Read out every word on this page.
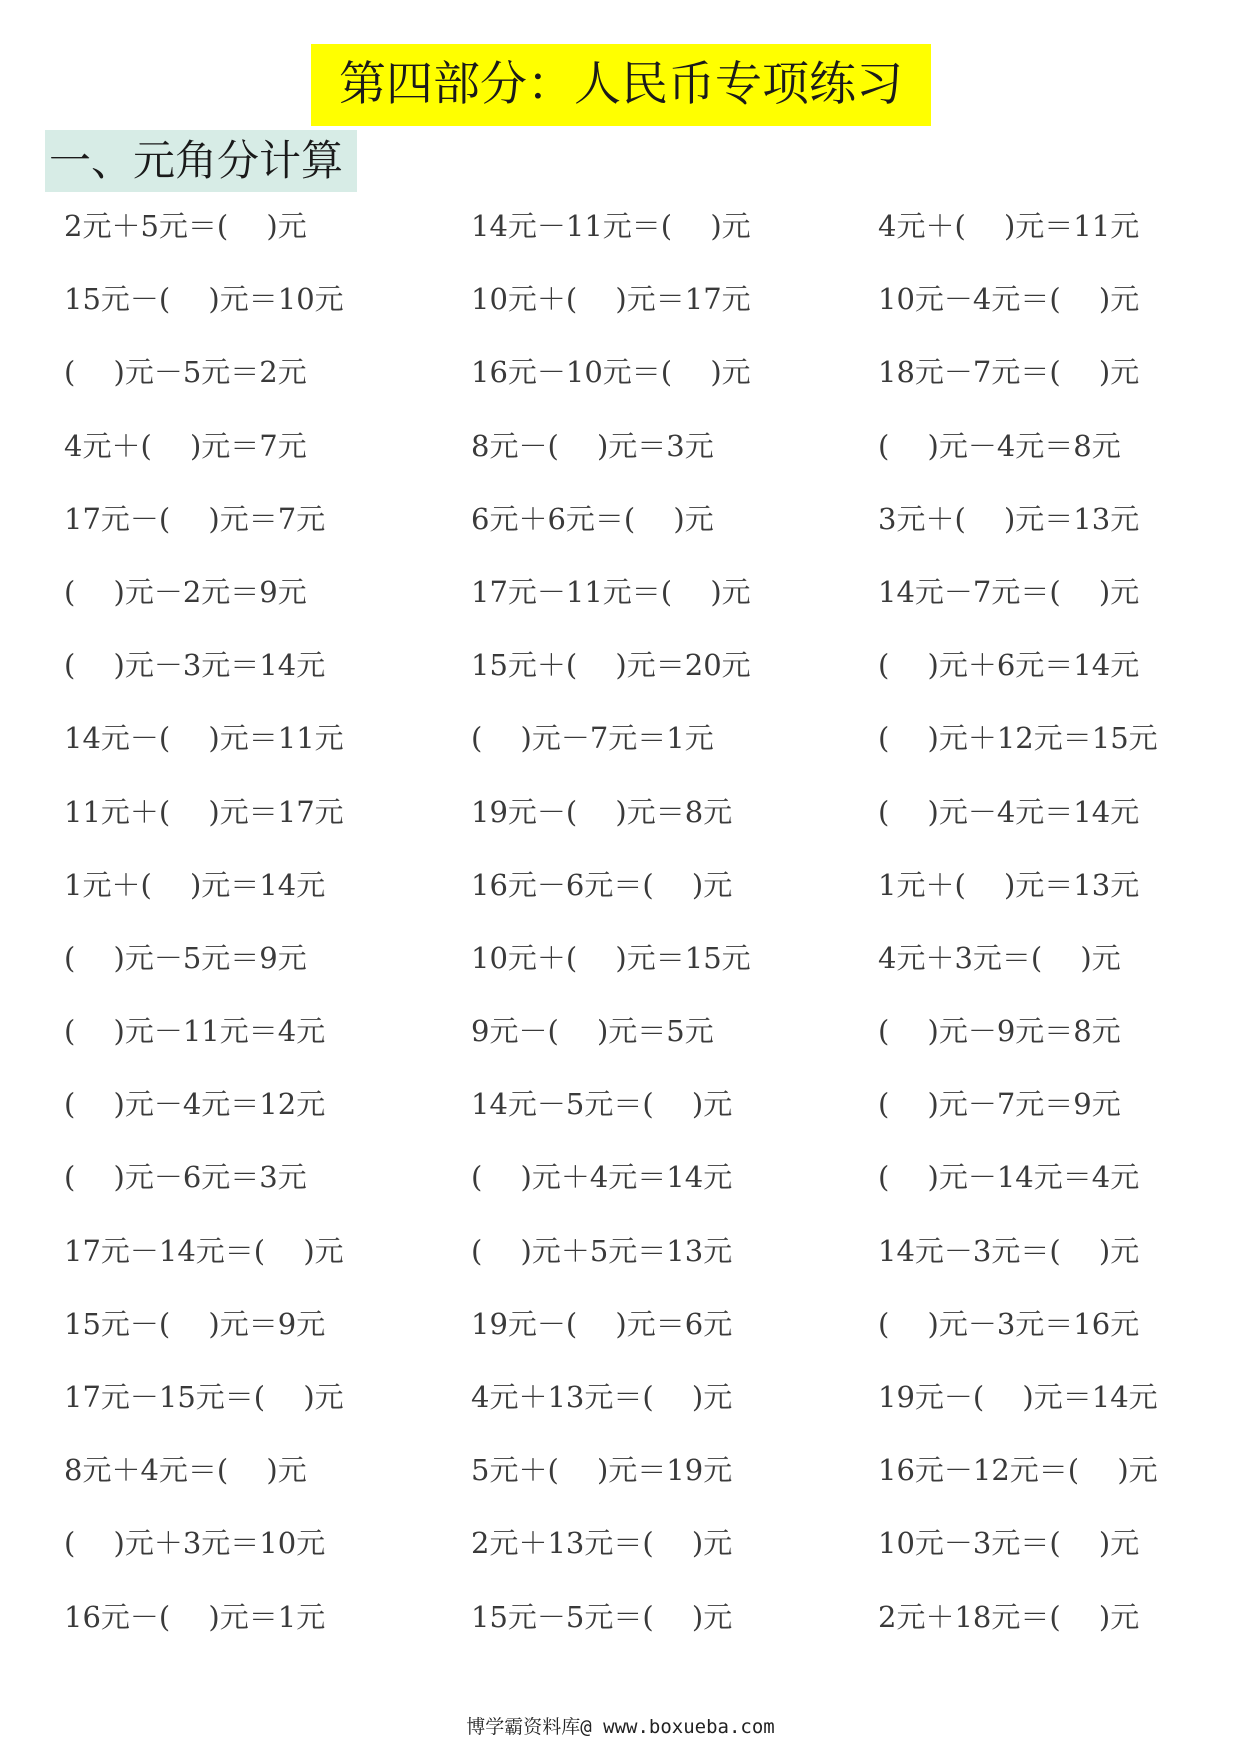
第四部分：人民币专项练习
一、元角分计算
2元＋5元＝(　 )元	14元－11元＝(　 )元	4元＋(　 )元＝11元
15元－(　 )元＝10元	10元＋(　 )元＝17元	10元－4元＝(　 )元
(　 )元－5元＝2元	16元－10元＝(　 )元	18元－7元＝(　 )元
4元＋(　 )元＝7元	8元－(　 )元＝3元	(　 )元－4元＝8元
17元－(　 )元＝7元	6元＋6元＝(　 )元	3元＋(　 )元＝13元
(　 )元－2元＝9元	17元－11元＝(　 )元	14元－7元＝(　 )元
(　 )元－3元＝14元	15元＋(　 )元＝20元	(　 )元＋6元＝14元
14元－(　 )元＝11元	(　 )元－7元＝1元	(　 )元＋12元＝15元
11元＋(　 )元＝17元	19元－(　 )元＝8元	(　 )元－4元＝14元
1元＋(　 )元＝14元	16元－6元＝(　 )元	1元＋(　 )元＝13元
(　 )元－5元＝9元	10元＋(　 )元＝15元	4元＋3元＝(　 )元
(　 )元－11元＝4元	9元－(　 )元＝5元	(　 )元－9元＝8元
(　 )元－4元＝12元	14元－5元＝(　 )元	(　 )元－7元＝9元
(　 )元－6元＝3元	(　 )元＋4元＝14元	(　 )元－14元＝4元
17元－14元＝(　 )元	(　 )元＋5元＝13元	14元－3元＝(　 )元
15元－(　 )元＝9元	19元－(　 )元＝6元	(　 )元－3元＝16元
17元－15元＝(　 )元	4元＋13元＝(　 )元	19元－(　 )元＝14元
8元＋4元＝(　 )元	5元＋(　 )元＝19元	16元－12元＝(　 )元
(　 )元＋3元＝10元	2元＋13元＝(　 )元	10元－3元＝(　 )元
16元－(　 )元＝1元	15元－5元＝(　 )元	2元＋18元＝(　 )元
博学霸资料库@ www.boxueba.com
